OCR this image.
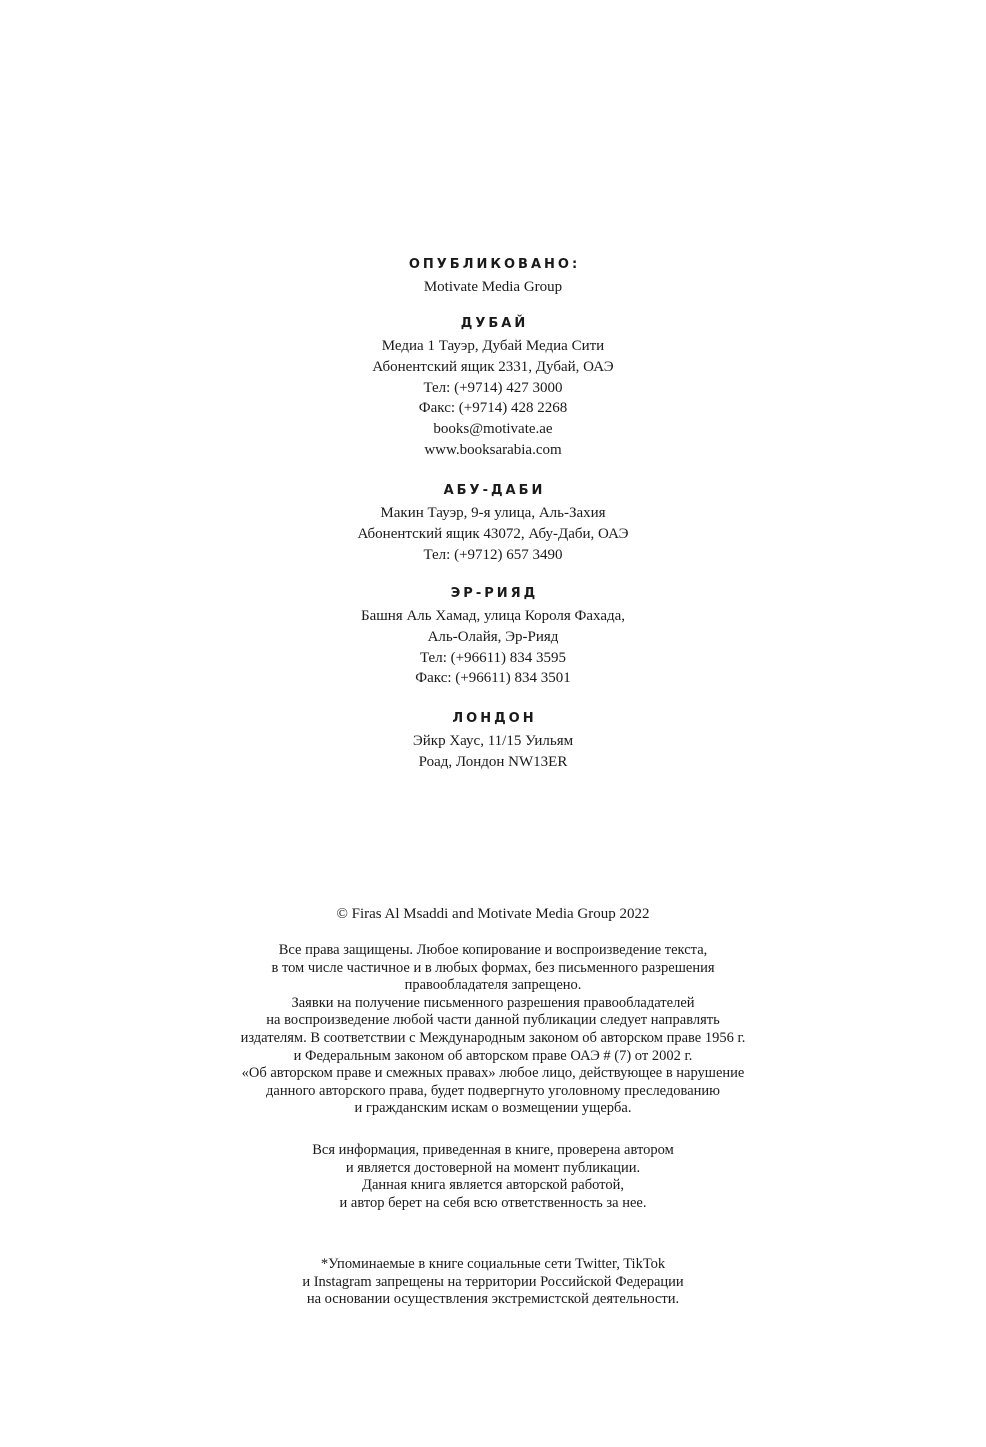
ОПУБЛИКОВАНО:

Motivate Media Group

ДУБАЙ

Медиа 1 Тауэр, Дубай Медиа Сити

Абонентский ящик 2331, Дубай, ОАЭ

Тел: (+9714) 427 3000

Факс: (+9714) 428 2268

books@motivate.ae

www.booksarabia.com

АБУ-ДАБИ

Макин Тауэр, 9-я улица, Аль-Захия

Абонентский ящик 43072, Абу-Даби, ОАЭ

Тел: (+9712) 657 3490

ЭР-РИЯД

Башня Аль Хамад, улица Короля Фахада,

Аль-Олайя, Эр-Рияд

Тел: (+96611) 834 3595

Факс: (+96611) 834 3501

ЛОНДОН

Эйкр Хаус, 11/15 Уильям

Роад, Лондон NW13ER

© Firas Al Msaddi and Motivate Media Group 2022

Все права защищены. Любое копирование и воспроизведение текста,

в том числе частичное и в любых формах, без письменного разрешения

правообладателя запрещено.

Заявки на получение письменного разрешения правообладателей

на воспроизведение любой части данной публикации следует направлять

издателям. В соответствии с Международным законом об авторском праве 1956 г.

и Федеральным законом об авторском праве ОАЭ # (7) от 2002 г.

«Об авторском праве и смежных правах» любое лицо, действующее в нарушение

данного авторского права, будет подвергнуто уголовному преследованию

и гражданским искам о возмещении ущерба.

Вся информация, приведенная в книге, проверена автором

и является достоверной на момент публикации.

Данная книга является авторской работой,

и автор берет на себя всю ответственность за нее.

*Упоминаемые в книге социальные сети Twitter, TikTok

и Instagram запрещены на территории Российской Федерации

на основании осуществления экстремистской деятельности.
